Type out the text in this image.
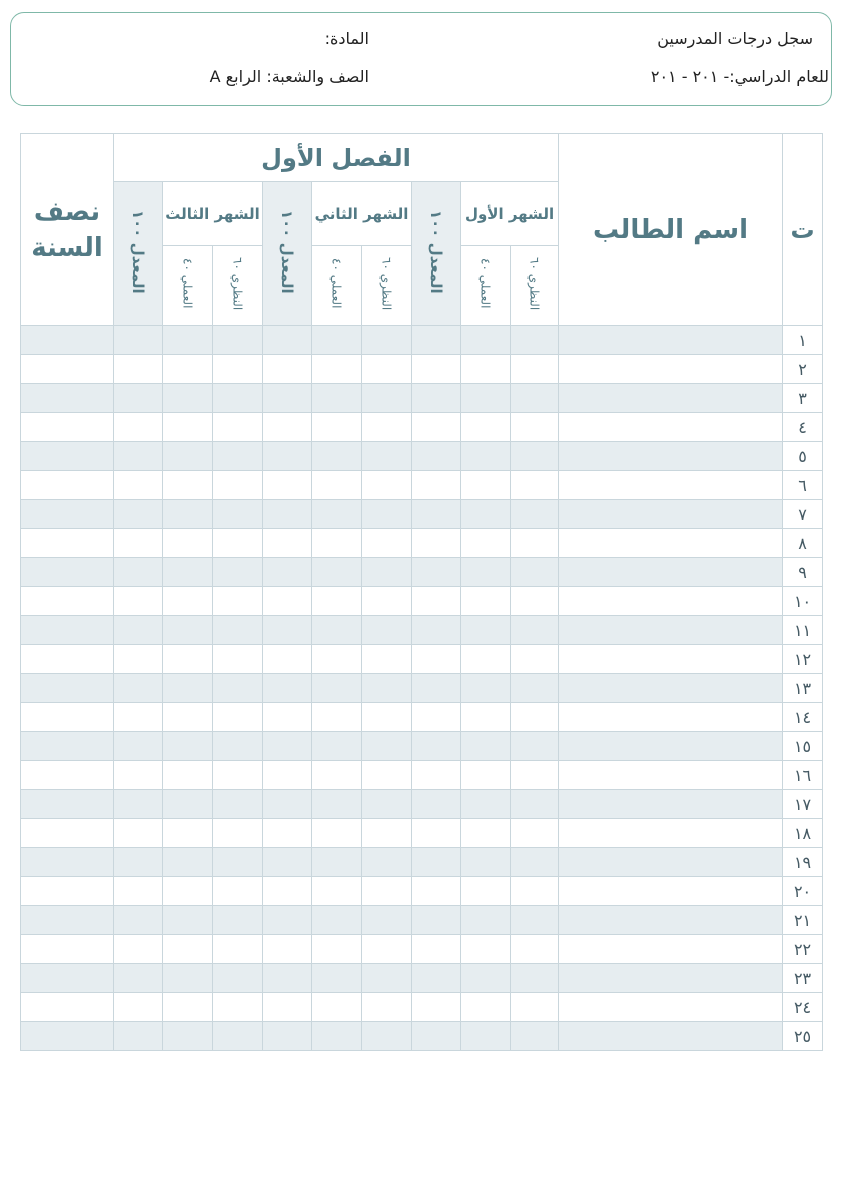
سجل درجات المدرسين
المادة:
للعام الدراسي:- ٢٠١ - ٢٠١
الصف والشعبة: الرابع A
ت	اسم الطالب	الفصل الأول									نصف السنة
		الشهر الأول		المعدل ١٠٠	الشهر الثاني		المعدل ١٠٠	الشهر الثالث		المعدل ١٠٠	
		النظري ٦٠	العملي ٤٠		النظري ٦٠	العملي ٤٠		النظري ٦٠	العملي ٤٠		
١											
٢											
٣											
٤											
٥											
٦											
٧											
٨											
٩											
١٠											
١١											
١٢											
١٣											
١٤											
١٥											
١٦											
١٧											
١٨											
١٩											
٢٠											
٢١											
٢٢											
٢٣											
٢٤											
٢٥											
